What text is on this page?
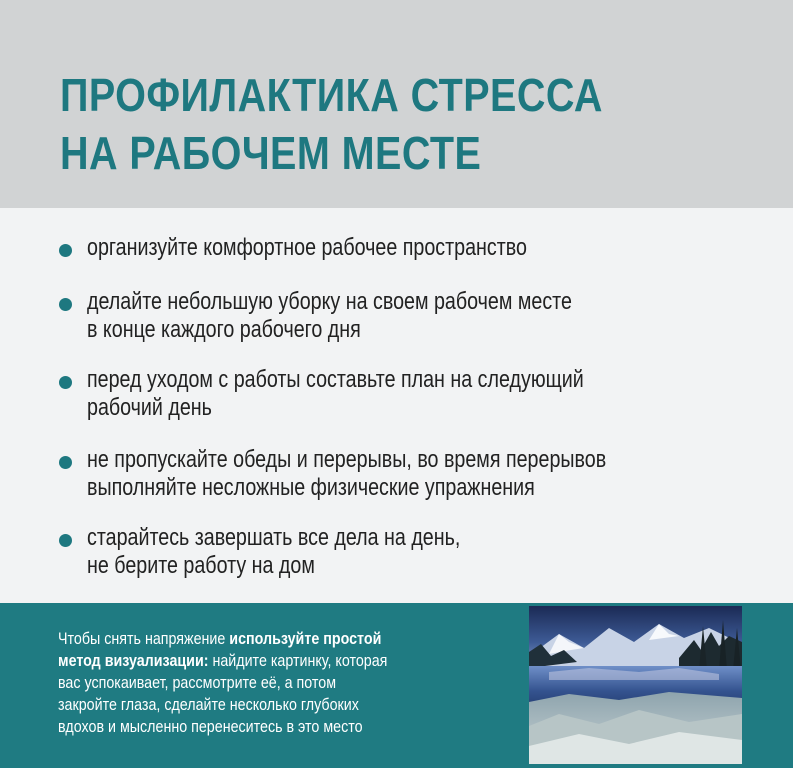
ПРОФИЛАКТИКА СТРЕССА
НА РАБОЧЕМ МЕСТЕ

организуйте комфортное рабочее пространство

делайте небольшую уборку на своем рабочем месте
в конце каждого рабочего дня

перед уходом с работы составьте план на следующий
рабочий день

не пропускайте обеды и перерывы, во время перерывов
выполняйте несложные физические упражнения

старайтесь завершать все дела на день,
не берите работу на дом

Чтобы снять напряжение используйте простой
метод визуализации: найдите картинку, которая
вас успокаивает, рассмотрите её, а потом
закройте глаза, сделайте несколько глубоких
вдохов и мысленно перенеситесь в это место
